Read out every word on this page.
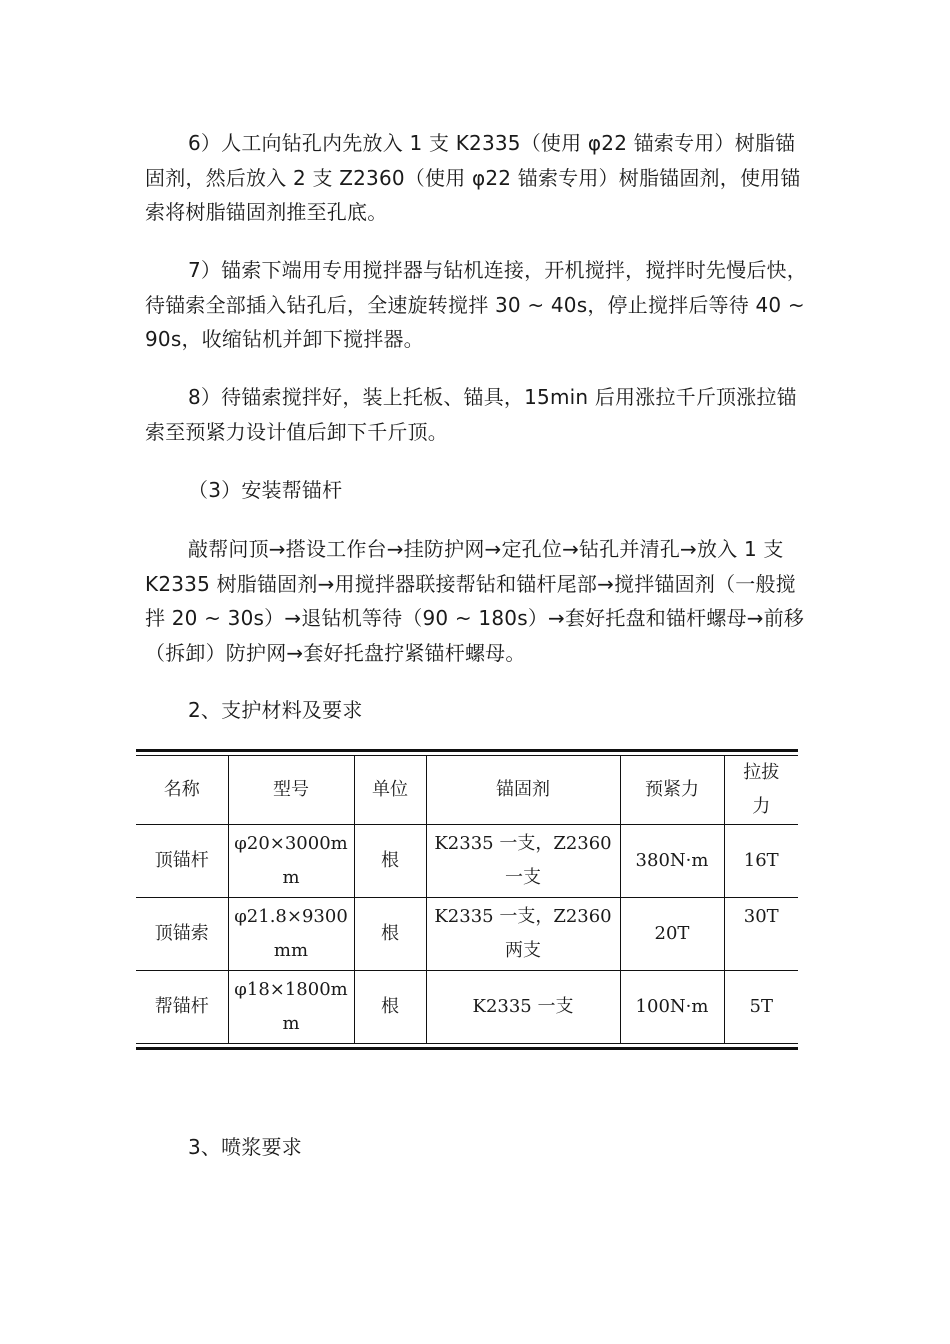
6）人工向钻孔内先放入 1 支 K2335（使用 φ22 锚索专用）树脂锚固剂，然后放入 2 支 Z2360（使用 φ22 锚索专用）树脂锚固剂，使用锚索将树脂锚固剂推至孔底。

7）锚索下端用专用搅拌器与钻机连接，开机搅拌，搅拌时先慢后快，待锚索全部插入钻孔后，全速旋转搅拌 30 ~ 40s，停止搅拌后等待 40 ~ 90s，收缩钻机并卸下搅拌器。

8）待锚索搅拌好，装上托板、锚具，15min 后用涨拉千斤顶涨拉锚索至预紧力设计值后卸下千斤顶。

（3）安装帮锚杆

敲帮问顶→搭设工作台→挂防护网→定孔位→钻孔并清孔→放入 1 支 K2335 树脂锚固剂→用搅拌器联接帮钻和锚杆尾部→搅拌锚固剂（一般搅拌 20 ~ 30s）→退钻机等待（90 ~ 180s）→套好托盘和锚杆螺母→前移（拆卸）防护网→套好托盘拧紧锚杆螺母。

2、支护材料及要求

名称	型号	单位	锚固剂	预紧力	拉拔力
顶锚杆	φ20×3000mm	根	K2335 一支，Z2360 一支	380N·m	16T
顶锚索	φ21.8×9300mm	根	K2335 一支，Z2360 两支	20T	30T
帮锚杆	φ18×1800mm	根	K2335 一支	100N·m	5T

3、喷浆要求
